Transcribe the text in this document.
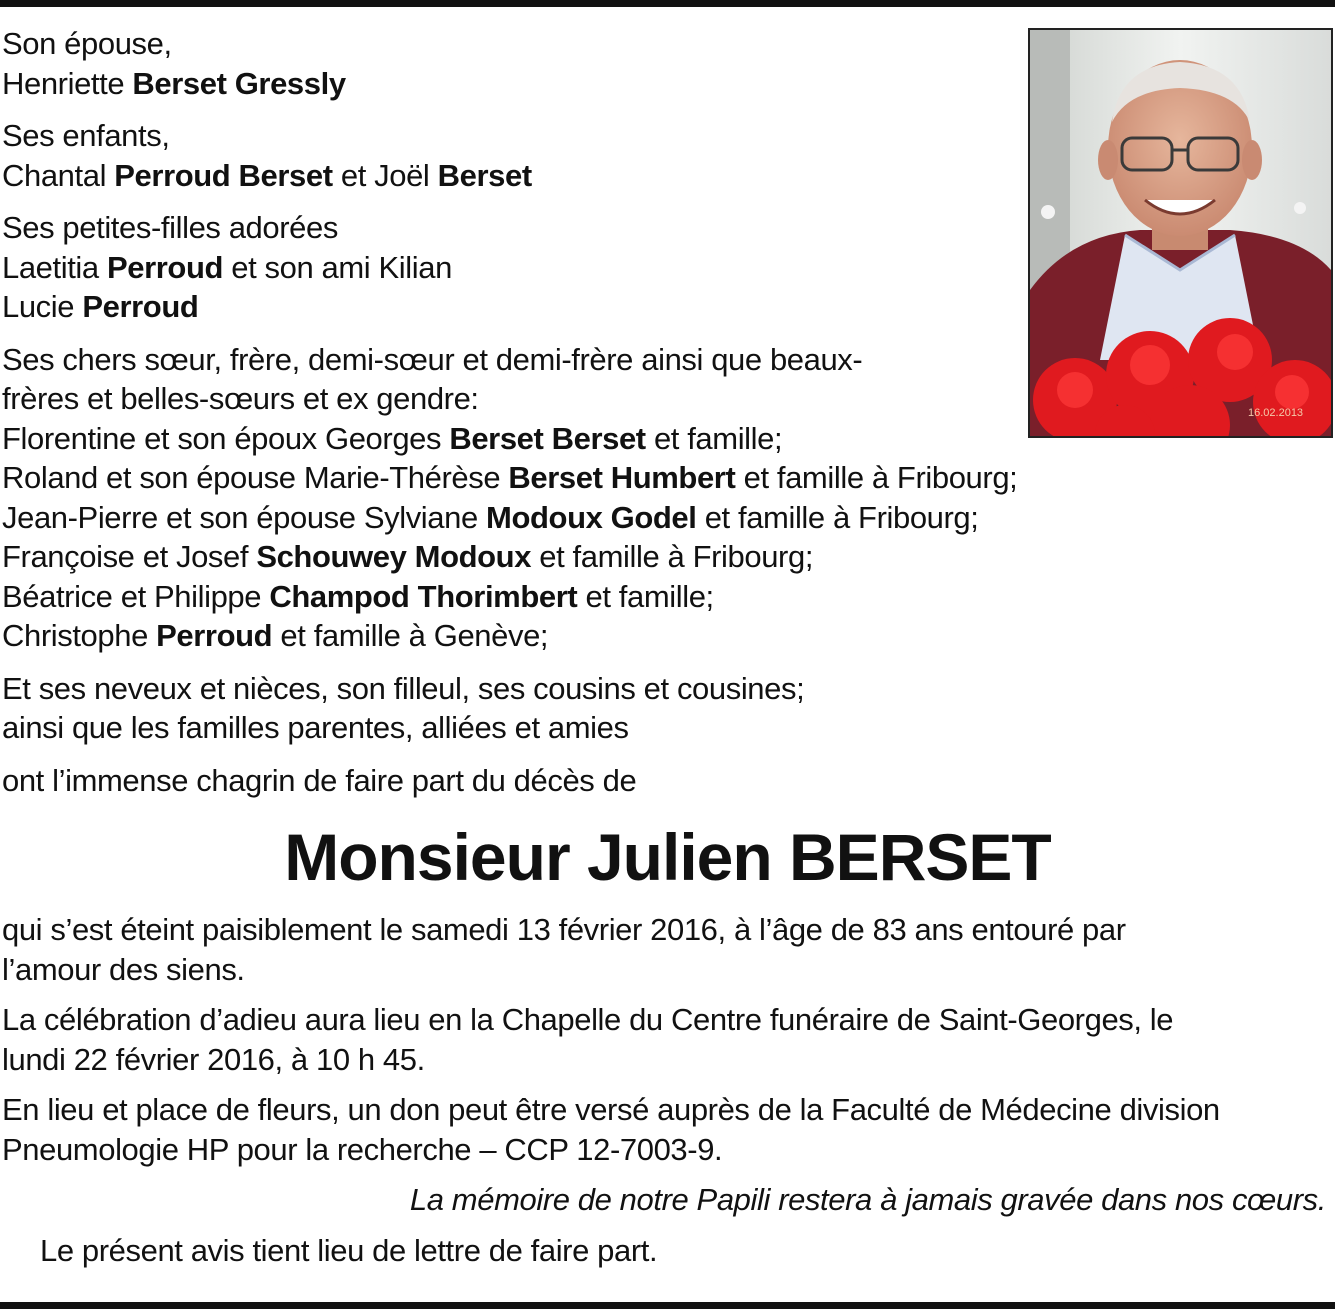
Son épouse,
Henriette Berset Gressly
Ses enfants,
Chantal Perroud Berset et Joël Berset
Ses petites-filles adorées
Laetitia Perroud et son ami Kilian
Lucie Perroud
Ses chers sœur, frère, demi-sœur et demi-frère ainsi que beaux-
frères et belles-sœurs et ex gendre:
Florentine et son époux Georges Berset Berset et famille;
Roland et son épouse Marie-Thérèse Berset Humbert et famille à Fribourg;
Jean-Pierre et son épouse Sylviane Modoux Godel et famille à Fribourg;
Françoise et Josef Schouwey Modoux et famille à Fribourg;
Béatrice et Philippe Champod Thorimbert et famille;
Christophe Perroud et famille à Genève;
Et ses neveux et nièces, son filleul, ses cousins et cousines;
ainsi que les familles parentes, alliées et amies
ont l’immense chagrin de faire part du décès de
Monsieur Julien BERSET
qui s’est éteint paisiblement le samedi 13 février 2016, à l’âge de 83 ans entouré par
l’amour des siens.
La célébration d’adieu aura lieu en la Chapelle du Centre funéraire de Saint-Georges, le
lundi 22 février 2016, à 10 h 45.
En lieu et place de fleurs, un don peut être versé auprès de la Faculté de Médecine division
Pneumologie HP pour la recherche – CCP 12-7003-9.
La mémoire de notre Papili restera à jamais gravée dans nos cœurs.
Le présent avis tient lieu de lettre de faire part.
16.02.2013
